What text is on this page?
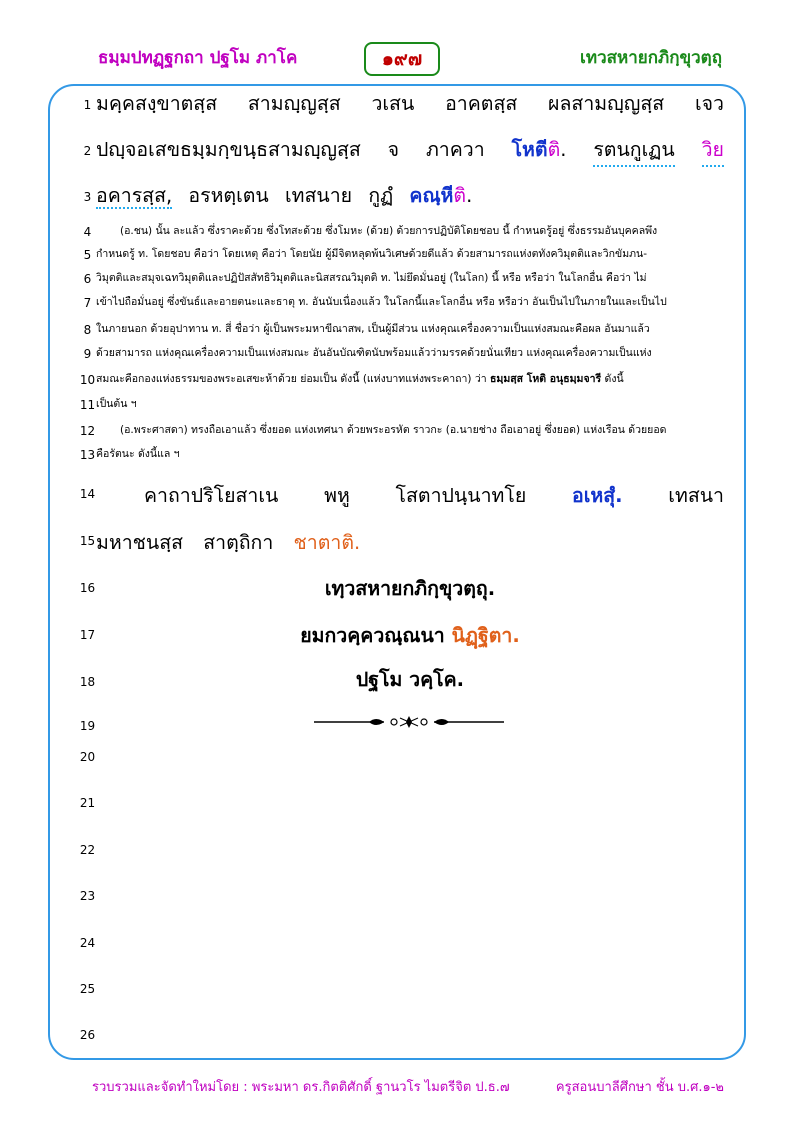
ธมฺมปทฏฺฐกถา ปฐโม ภาโค	๑๙๗	เทวสหายกภิกฺขุวตฺถุ
1
2
3
4
5
6
7
8
9
10
11
12
13
14
15
16
17
18
19
20
21
22
23
24
25
26
มคฺคสงฺขาตสฺส สามญฺญสฺส วเสน อาคตสฺส ผลสามญฺญสฺส เจว
ปญฺจอเสขธมฺมกฺขนฺธสามญฺญสฺส จ ภาควา โหตีติ. รตนกูเฏน วิย
อคารสฺส, อรหตฺเตน เทสนาย กูฏํ คณฺหีติ.
(อ.ชน) นั้น ละแล้ว ซึ่งราคะด้วย ซึ่งโทสะด้วย ซึ่งโมหะ (ด้วย) ด้วยการปฏิบัติโดยชอบ นี้ กำหนดรู้อยู่ ซึ่งธรรมอันบุคคลพึง
กำหนดรู้ ท. โดยชอบ คือว่า โดยเหตุ คือว่า โดยนัย ผู้มีจิตหลุดพ้นวิเศษด้วยดีแล้ว ด้วยสามารถแห่งตทังควิมุตติและวิกขัมภน-
วิมุตติและสมุจเฉทวิมุตติและปฏิปัสสัทธิวิมุตติและนิสสรณวิมุตติ ท. ไม่ยึดมั่นอยู่ (ในโลก) นี้ หรือ หรือว่า ในโลกอื่น คือว่า ไม่
เข้าไปถือมั่นอยู่ ซึ่งขันธ์และอายตนะและธาตุ ท. อันนับเนื่องแล้ว ในโลกนี้และโลกอื่น หรือ หรือว่า อันเป็นไปในภายในและเป็นไป
ในภายนอก ด้วยอุปาทาน ท. สี่ ชื่อว่า ผู้เป็นพระมหาขีณาสพ, เป็นผู้มีส่วน แห่งคุณเครื่องความเป็นแห่งสมณะคือผล อันมาแล้ว
ด้วยสามารถ แห่งคุณเครื่องความเป็นแห่งสมณะ อันอันบัณฑิตนับพร้อมแล้วว่ามรรคด้วยนั่นเทียว แห่งคุณเครื่องความเป็นแห่ง
สมณะคือกองแห่งธรรมของพระอเสขะห้าด้วย ย่อมเป็น ดังนี้ (แห่งบาทแห่งพระคาถา) ว่า ธมฺมสฺส โหติ อนุธมฺมจารี ดังนี้
เป็นต้น ฯ
(อ.พระศาสดา) ทรงถือเอาแล้ว ซึ่งยอด แห่งเทศนา ด้วยพระอรหัต ราวกะ (อ.นายช่าง ถือเอาอยู่ ซึ่งยอด) แห่งเรือน ด้วยยอด
คือรัตนะ ดังนี้แล ฯ
คาถาปริโยสาเน พหู โสตาปนฺนาทโย อเหสุํ. เทสนา
มหาชนสฺส สาตฺถิกา ชาตาติ.
เทฺวสหายกภิกฺขุวตฺถุ.
ยมกวคฺควณฺณนา นิฏฺฐิตา.
ปฐโม วคฺโค.
รวบรวมและจัดทำใหม่โดย : พระมหา ดร.กิตติศักดิ์ ฐานวโร ไมตรีจิต ป.ธ.๗	ครูสอนบาลีศึกษา ชั้น บ.ศ.๑-๒
